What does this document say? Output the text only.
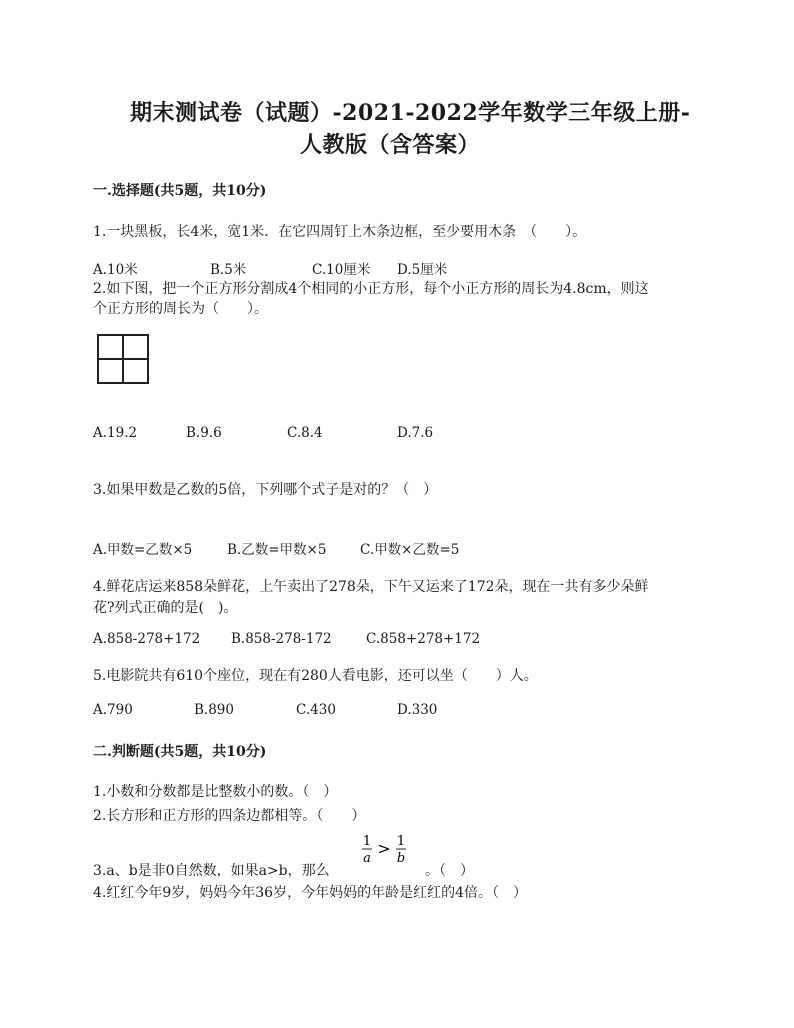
期末测试卷（试题）-2021-2022学年数学三年级上册-
人教版（含答案）
一.选择题(共5题，共10分)
1.一块黑板，长4米，宽1米．在它四周钉上木条边框，至少要用木条　（　　）。
A.10米	B.5米	C.10厘米 D.5厘米
2.如下图，把一个正方形分割成4个相同的小正方形，每个小正方形的周长为4.8cm，则这
个正方形的周长为（　　）。
A.19.2	B.9.6	C.8.4	D.7.6
3.如果甲数是乙数的5倍，下列哪个式子是对的？（　）
A.甲数=乙数×5	B.乙数=甲数×5 C.甲数×乙数=5
4.鲜花店运来858朵鲜花，上午卖出了278朵，下午又运来了172朵，现在一共有多少朵鲜
花?列式正确的是(　)。
A.858-278+172 B.858-278-172	C.858+278+172
5.电影院共有610个座位，现在有280人看电影，还可以坐（　　）人。
A.790	B.890	C.430	D.330
二.判断题(共5题，共10分)
1.小数和分数都是比整数小的数。（　）
2.长方形和正方形的四条边都相等。（　　）
3.a、b是非0自然数，如果a>b，那么
1
a
> 1
b
。（　）
4.红红今年9岁，妈妈今年36岁，今年妈妈的年龄是红红的4倍。（　）
